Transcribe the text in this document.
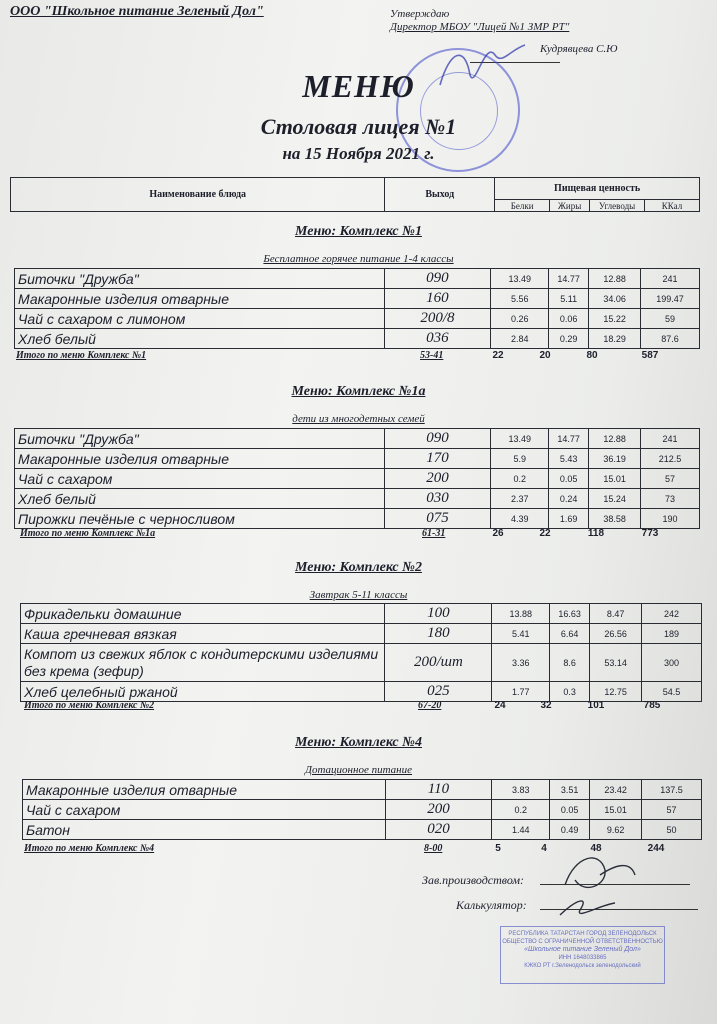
ООО "Школьное питание Зеленый Дол"	Утверждаю
Директор МБОУ "Лицей №1 ЗМР РТ"
Кудрявцева С.Ю
МЕНЮ
Столовая лицея №1
на 15 Ноября 2021 г.
Наименование блюда	Выход	Пищевая ценность			
		Белки	Жиры	Углеводы	ККал
Меню: Комплекс №1
Бесплатное горячее питание 1-4 классы
Биточки "Дружба"	090	13.49	14.77	12.88	241
Макаронные изделия отварные	160	5.56	5.11	34.06	199.47
Чай с сахаром с лимоном	200/8	0.26	0.06	15.22	59
Хлеб белый	036	2.84	0.29	18.29	87.6
Итого по меню Комплекс №1	53-41	22	20	80	587
Меню: Комплекс №1а
дети из многодетных семей
Биточки "Дружба"	090	13.49	14.77	12.88	241
Макаронные изделия отварные	170	5.9	5.43	36.19	212.5
Чай с сахаром	200	0.2	0.05	15.01	57
Хлеб белый	030	2.37	0.24	15.24	73
Пирожки печёные с черносливом	075	4.39	1.69	38.58	190
Итого по меню Комплекс №1а	61-31	26	22	118	773
Меню: Комплекс №2
Завтрак 5-11 классы
Фрикадельки домашние	100	13.88	16.63	8.47	242
Каша гречневая вязкая	180	5.41	6.64	26.56	189
Компот из свежих яблок с кондитерскими изделиями без крема (зефир)	200/шт	3.36	8.6	53.14	300
Хлеб целебный ржаной	025	1.77	0.3	12.75	54.5
Итого по меню Комплекс №2	67-20	24	32	101	785
Меню: Комплекс №4
Дотационное питание
Макаронные изделия отварные	110	3.83	3.51	23.42	137.5
Чай с сахаром	200	0.2	0.05	15.01	57
Батон	020	1.44	0.49	9.62	50
Итого по меню Комплекс №4	8-00	5	4	48	244
Зав.производством:
Калькулятор:
РЕСПУБЛИКА ТАТАРСТАН ГОРОД ЗЕЛЕНОДОЛЬСК
ОБЩЕСТВО С ОГРАНИЧЕННОЙ ОТВЕТСТВЕННОСТЬЮ
«Школьное питание Зеленый Дол»
ИНН 1648033865
КЖКО РТ г.Зеленодольск зеленодольский
